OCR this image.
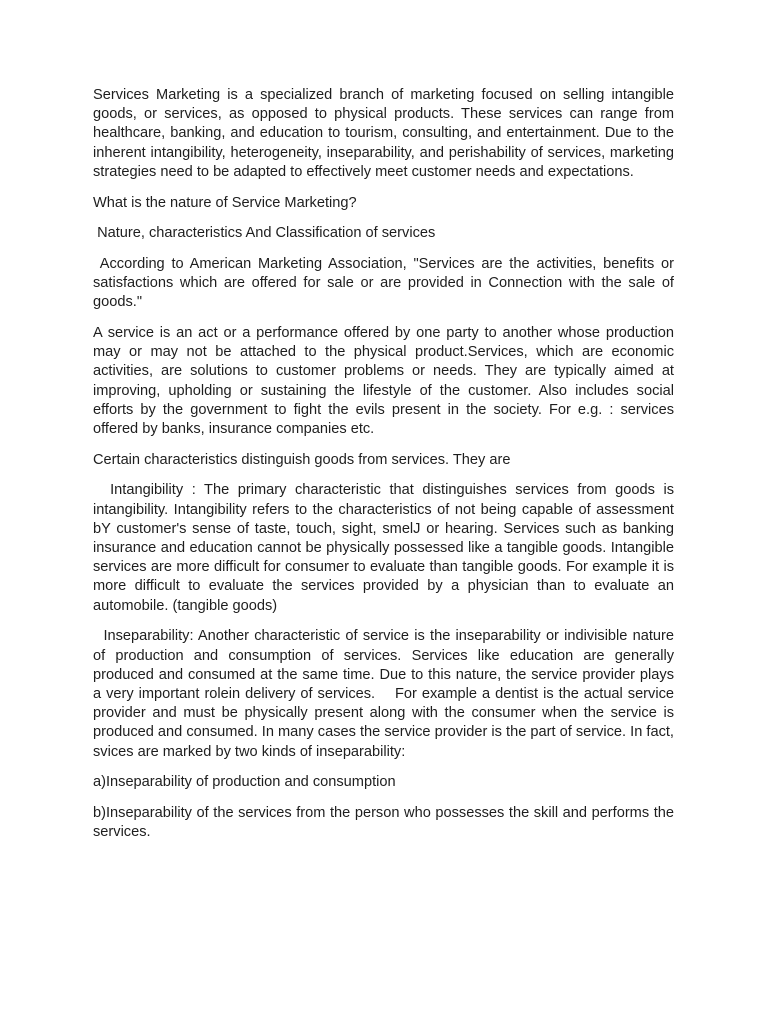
Services Marketing is a specialized branch of marketing focused on selling intangible goods, or services, as opposed to physical products. These services can range from healthcare, banking, and education to tourism, consulting, and entertainment. Due to the inherent intangibility, heterogeneity, inseparability, and perishability of services, marketing strategies need to be adapted to effectively meet customer needs and expectations.

What is the nature of Service Marketing?

Nature, characteristics And Classification of services

According to American Marketing Association, "Services are the activities, benefits or satisfactions which are offered for sale or are provided in Connection with the sale of goods."

A service is an act or a performance offered by one party to another whose production may or may not be attached to the physical product.Services, which are economic activities, are solutions to customer problems or needs. They are typically aimed at improving, upholding or sustaining the lifestyle of the customer. Also includes social efforts by the government to fight the evils present in the society. For e.g. : services offered by banks, insurance companies etc.

Certain characteristics distinguish goods from services. They are

Intangibility : The primary characteristic that distinguishes services from goods is intangibility. Intangibility refers to the characteristics of not being capable of assessment bY customer's sense of taste, touch, sight, smelJ or hearing. Services such as banking insurance and education cannot be physically possessed like a tangible goods. Intangible services are more difficult for consumer to evaluate than tangible goods. For example it is more difficult to evaluate the services provided by a physician than to evaluate an automobile. (tangible goods)

Inseparability: Another characteristic of service is the inseparability or indivisible nature of production and consumption of services. Services like education are generally produced and consumed at the same time. Due to this nature, the service provider plays a very important rolein delivery of services.    For example a dentist is the actual service provider and must be physically present along with the consumer when the service is produced and consumed. In many cases the service provider is the part of service. In fact, svices are marked by two kinds of inseparability:

a)Inseparability of production and consumption

b)Inseparability of the services from the person who possesses the skill and performs the services.
